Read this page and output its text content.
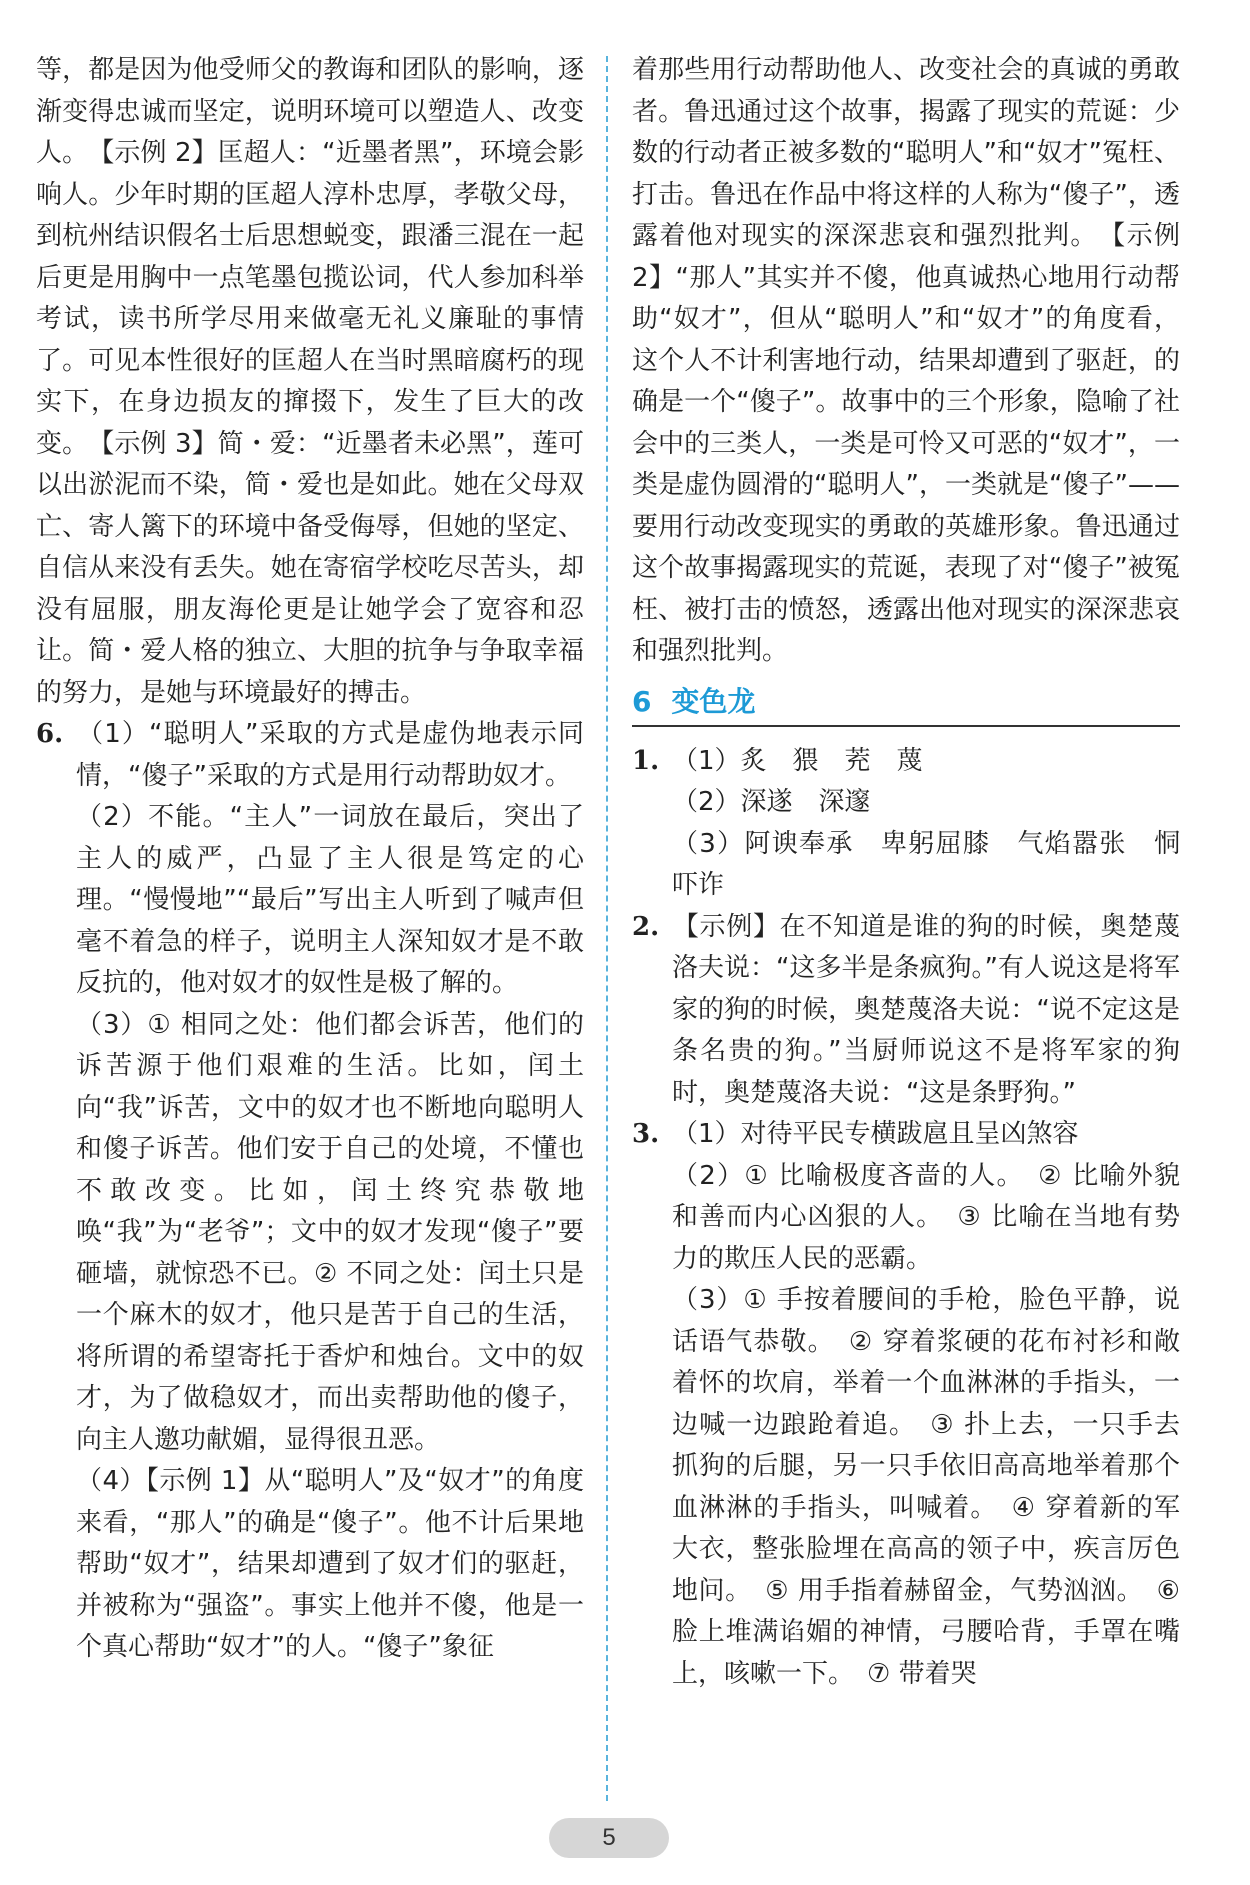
等，都是因为他受师父的教诲和团队的影响，逐渐变得忠诚而坚定，说明环境可以塑造人、改变人。　【示例 2】匡超人：“近墨者黑”，环境会影响人。少年时期的匡超人淳朴忠厚，孝敬父母，到杭州结识假名士后思想蜕变，跟潘三混在一起后更是用胸中一点笔墨包揽讼词，代人参加科举考试，读书所学尽用来做毫无礼义廉耻的事情了。可见本性很好的匡超人在当时黑暗腐朽的现实下，在身边损友的撺掇下，发生了巨大的改变。　【示例 3】简・爱：“近墨者未必黑”，莲可以出淤泥而不染，简・爱也是如此。她在父母双亡、寄人篱下的环境中备受侮辱，但她的坚定、自信从来没有丢失。她在寄宿学校吃尽苦头，却没有屈服，朋友海伦更是让她学会了宽容和忍让。简・爱人格的独立、大胆的抗争与争取幸福的努力，是她与环境最好的搏击。

6. （1）“聪明人”采取的方式是虚伪地表示同情，“傻子”采取的方式是用行动帮助奴才。

（2）不能。“主人”一词放在最后，突出了主人的威严，凸显了主人很是笃定的心理。“慢慢地”“最后”写出主人听到了喊声但毫不着急的样子，说明主人深知奴才是不敢反抗的，他对奴才的奴性是极了解的。

（3）① 相同之处：他们都会诉苦，他们的诉苦源于他们艰难的生活。比如，闰土向“我”诉苦，文中的奴才也不断地向聪明人和傻子诉苦。他们安于自己的处境，不懂也不敢改变。比如，闰土终究恭敬地唤“我”为“老爷”；文中的奴才发现“傻子”要砸墙，就惊恐不已。② 不同之处：闰土只是一个麻木的奴才，他只是苦于自己的生活，将所谓的希望寄托于香炉和烛台。文中的奴才，为了做稳奴才，而出卖帮助他的傻子，向主人邀功献媚，显得很丑恶。

（4）【示例 1】从“聪明人”及“奴才”的角度来看，“那人”的确是“傻子”。他不计后果地帮助“奴才”，结果却遭到了奴才们的驱赶，并被称为“强盗”。事实上他并不傻，他是一个真心帮助“奴才”的人。“傻子”象征

着那些用行动帮助他人、改变社会的真诚的勇敢者。鲁迅通过这个故事，揭露了现实的荒诞：少数的行动者正被多数的“聪明人”和“奴才”冤枉、打击。鲁迅在作品中将这样的人称为“傻子”，透露着他对现实的深深悲哀和强烈批判。　【示例 2】“那人”其实并不傻，他真诚热心地用行动帮助“奴才”，但从“聪明人”和“奴才”的角度看，这个人不计利害地行动，结果却遭到了驱赶，的确是一个“傻子”。故事中的三个形象，隐喻了社会中的三类人，一类是可怜又可恶的“奴才”，一类是虚伪圆滑的“聪明人”，一类就是“傻子”——要用行动改变现实的勇敢的英雄形象。鲁迅通过这个故事揭露现实的荒诞，表现了对“傻子”被冤枉、被打击的愤怒，透露出他对现实的深深悲哀和强烈批判。

6 变色龙

1. （1）炙　猥　茺　蔑

（2）深遂　深邃

（3）阿谀奉承　卑躬屈膝　气焰嚣张　恫吓诈

2. 【示例】在不知道是谁的狗的时候，奥楚蔑洛夫说：“这多半是条疯狗。”有人说这是将军家的狗的时候，奥楚蔑洛夫说：“说不定这是条名贵的狗。”当厨师说这不是将军家的狗时，奥楚蔑洛夫说：“这是条野狗。”

3. （1）对待平民专横跋扈且呈凶煞容

（2）① 比喻极度吝啬的人。　② 比喻外貌和善而内心凶狠的人。　③ 比喻在当地有势力的欺压人民的恶霸。

（3）① 手按着腰间的手枪，脸色平静，说话语气恭敬。　② 穿着浆硬的花布衬衫和敞着怀的坎肩，举着一个血淋淋的手指头，一边喊一边踉跄着追。　③ 扑上去，一只手去抓狗的后腿，另一只手依旧高高地举着那个血淋淋的手指头，叫喊着。　④ 穿着新的军大衣，整张脸埋在高高的领子中，疾言厉色地问。　⑤ 用手指着赫留金，气势汹汹。　⑥ 脸上堆满谄媚的神情，弓腰哈背，手罩在嘴上，咳嗽一下。　⑦ 带着哭

5
